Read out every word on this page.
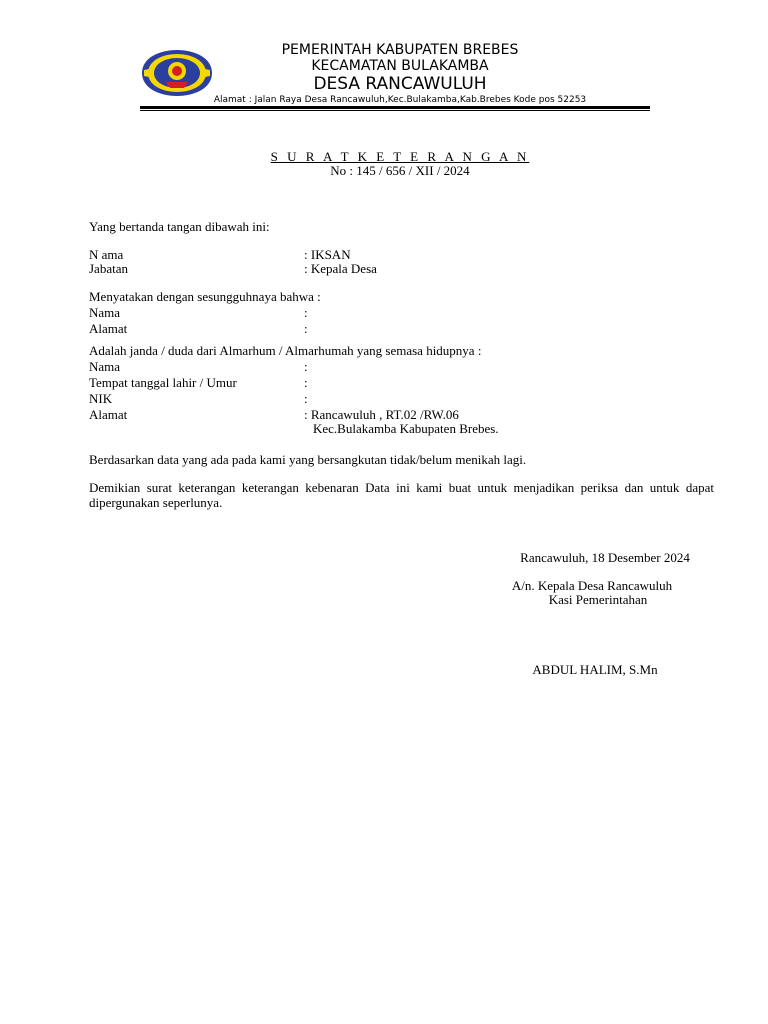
PEMERINTAH KABUPATEN BREBES
KECAMATAN BULAKAMBA
DESA RANCAWULUH
Alamat : Jalan Raya Desa Rancawuluh,Kec.Bulakamba,Kab.Brebes Kode pos 52253
S U R A T K E T E R A N G A N
No : 145 / 656 / XII / 2024
Yang bertanda tangan dibawah ini:
N ama	: IKSAN
Jabatan	: Kepala Desa
Menyatakan dengan sesungguhnaya bahwa :
Nama	:
Alamat	:
Adalah janda / duda dari Almarhum / Almarhumah yang semasa hidupnya :
Nama	:
Tempat tanggal lahir / Umur	:
NIK	:
Alamat	: Rancawuluh , RT.02 /RW.06
Kec.Bulakamba Kabupaten Brebes.
Berdasarkan data yang ada pada kami yang bersangkutan tidak/belum menikah lagi.
Demikian surat keterangan keterangan kebenaran Data ini kami buat untuk menjadikan periksa dan untuk dapat dipergunakan seperlunya.
Rancawuluh, 18 Desember 2024
A/n. Kepala Desa Rancawuluh
Kasi Pemerintahan
ABDUL HALIM, S.Mn
